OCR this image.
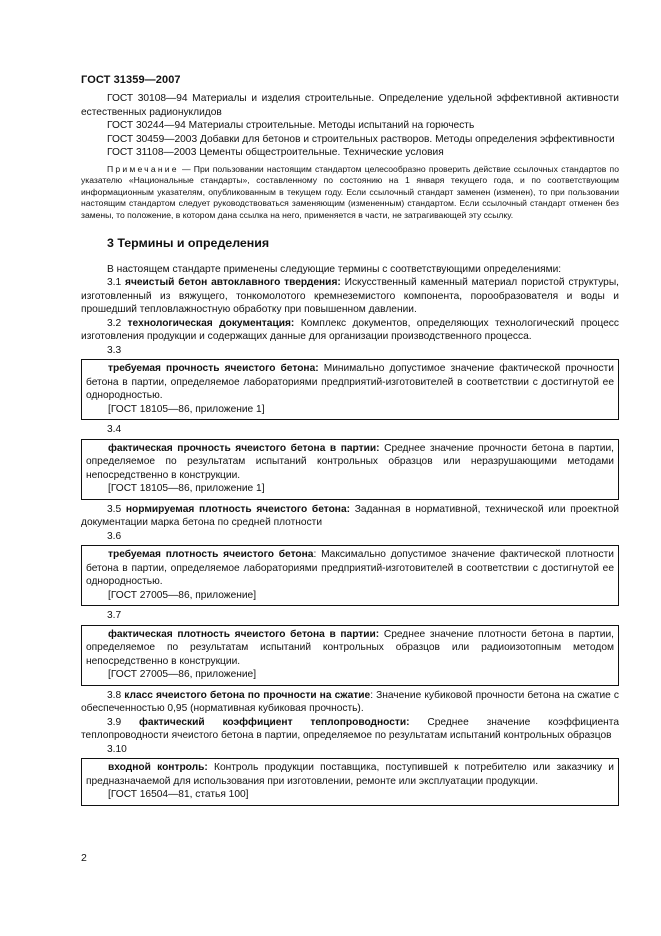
ГОСТ 31359—2007

ГОСТ 30108—94 Материалы и изделия строительные. Определение удельной эффективной активности естественных радионуклидов

ГОСТ 30244—94 Материалы строительные. Методы испытаний на горючесть

ГОСТ 30459—2003 Добавки для бетонов и строительных растворов. Методы определения эффективности

ГОСТ 31108—2003 Цементы общестроительные. Технические условия

Примечание — При пользовании настоящим стандартом целесообразно проверить действие ссылочных стандартов по указателю «Национальные стандарты», составленному по состоянию на 1 января текущего года, и по соответствующим информационным указателям, опубликованным в текущем году. Если ссылочный стандарт заменен (изменен), то при пользовании настоящим стандартом следует руководствоваться заменяющим (измененным) стандартом. Если ссылочный стандарт отменен без замены, то положение, в котором дана ссылка на него, применяется в части, не затрагивающей эту ссылку.

3 Термины и определения

В настоящем стандарте применены следующие термины с соответствующими определениями:

3.1 ячеистый бетон автоклавного твердения: Искусственный каменный материал пористой структуры, изготовленный из вяжущего, тонкомолотого кремнеземистого компонента, порообразователя и воды и прошедший тепловлажностную обработку при повышенном давлении.

3.2 технологическая документация: Комплекс документов, определяющих технологический процесс изготовления продукции и содержащих данные для организации производственного процесса.

3.3

требуемая прочность ячеистого бетона: Минимально допустимое значение фактической прочности бетона в партии, определяемое лабораториями предприятий-изготовителей в соответствии с достигнутой ее однородностью.

[ГОСТ 18105—86, приложение 1]

3.4

фактическая прочность ячеистого бетона в партии: Среднее значение прочности бетона в партии, определяемое по результатам испытаний контрольных образцов или неразрушающими методами непосредственно в конструкции.

[ГОСТ 18105—86, приложение 1]

3.5 нормируемая плотность ячеистого бетона: Заданная в нормативной, технической или проектной документации марка бетона по средней плотности

3.6

требуемая плотность ячеистого бетона: Максимально допустимое значение фактической плотности бетона в партии, определяемое лабораториями предприятий-изготовителей в соответствии с достигнутой ее однородностью.

[ГОСТ 27005—86, приложение]

3.7

фактическая плотность ячеистого бетона в партии: Среднее значение плотности бетона в партии, определяемое по результатам испытаний контрольных образцов или радиоизотопным методом непосредственно в конструкции.

[ГОСТ 27005—86, приложение]

3.8 класс ячеистого бетона по прочности на сжатие: Значение кубиковой прочности бетона на сжатие с обеспеченностью 0,95 (нормативная кубиковая прочность).

3.9 фактический коэффициент теплопроводности: Среднее значение коэффициента теплопроводности ячеистого бетона в партии, определяемое по результатам испытаний контрольных образцов

3.10

входной контроль: Контроль продукции поставщика, поступившей к потребителю или заказчику и предназначаемой для использования при изготовлении, ремонте или эксплуатации продукции.

[ГОСТ 16504—81, статья 100]

2
